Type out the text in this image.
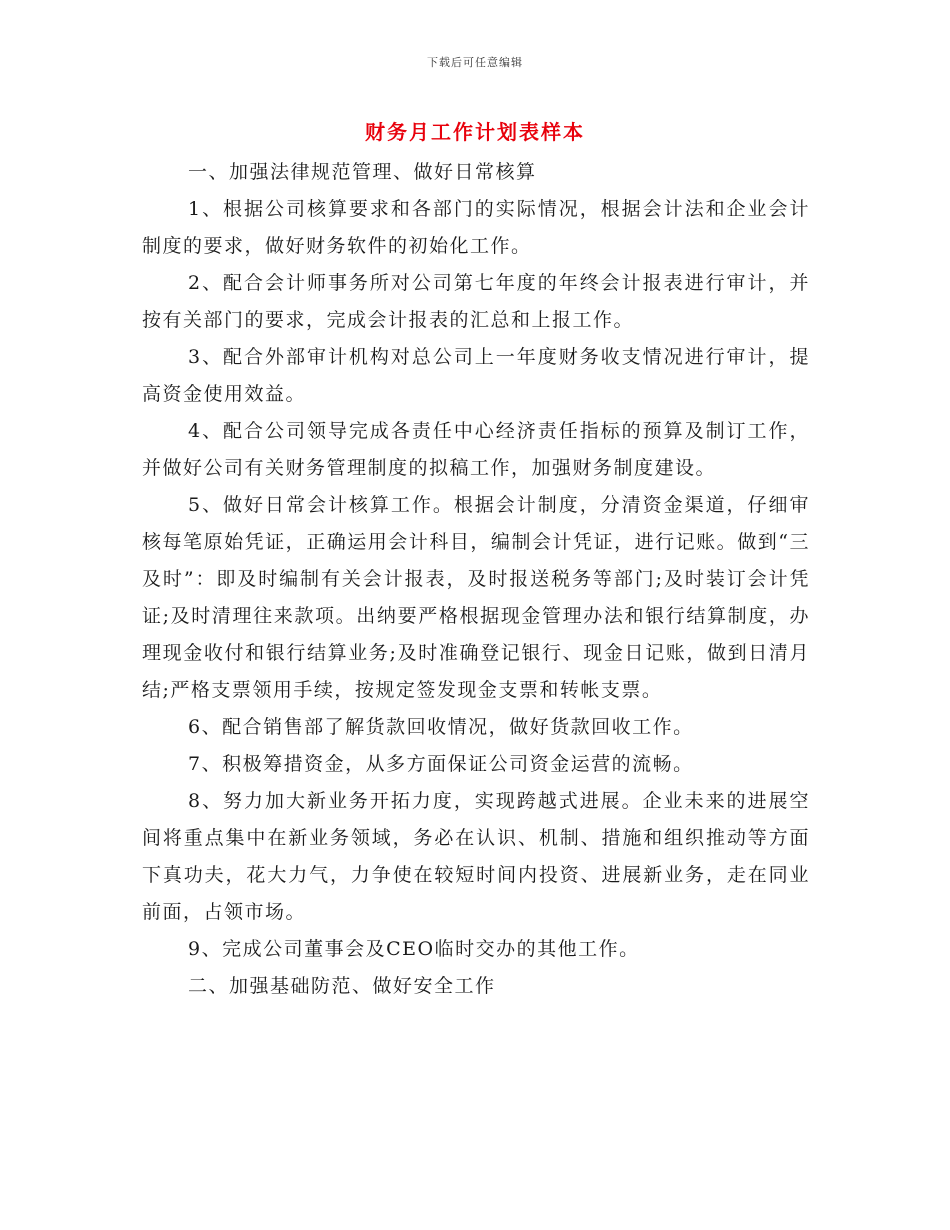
下载后可任意编辑
财务月工作计划表样本

一、加强法律规范管理、做好日常核算

1、根据公司核算要求和各部门的实际情况，根据会计法和企业会计制度的要求，做好财务软件的初始化工作。

2、配合会计师事务所对公司第七年度的年终会计报表进行审计，并按有关部门的要求，完成会计报表的汇总和上报工作。

3、配合外部审计机构对总公司上一年度财务收支情况进行审计，提高资金使用效益。

4、配合公司领导完成各责任中心经济责任指标的预算及制订工作，并做好公司有关财务管理制度的拟稿工作，加强财务制度建设。

5、做好日常会计核算工作。根据会计制度，分清资金渠道，仔细审核每笔原始凭证，正确运用会计科目，编制会计凭证，进行记账。做到“三及时”：即及时编制有关会计报表，及时报送税务等部门;及时装订会计凭证;及时清理往来款项。出纳要严格根据现金管理办法和银行结算制度，办理现金收付和银行结算业务;及时准确登记银行、现金日记账，做到日清月结;严格支票领用手续，按规定签发现金支票和转帐支票。

6、配合销售部了解货款回收情况，做好货款回收工作。

7、积极筹措资金，从多方面保证公司资金运营的流畅。

8、努力加大新业务开拓力度，实现跨越式进展。企业未来的进展空间将重点集中在新业务领域，务必在认识、机制、措施和组织推动等方面下真功夫，花大力气，力争使在较短时间内投资、进展新业务，走在同业前面，占领市场。

9、完成公司董事会及CEO临时交办的其他工作。

二、加强基础防范、做好安全工作
